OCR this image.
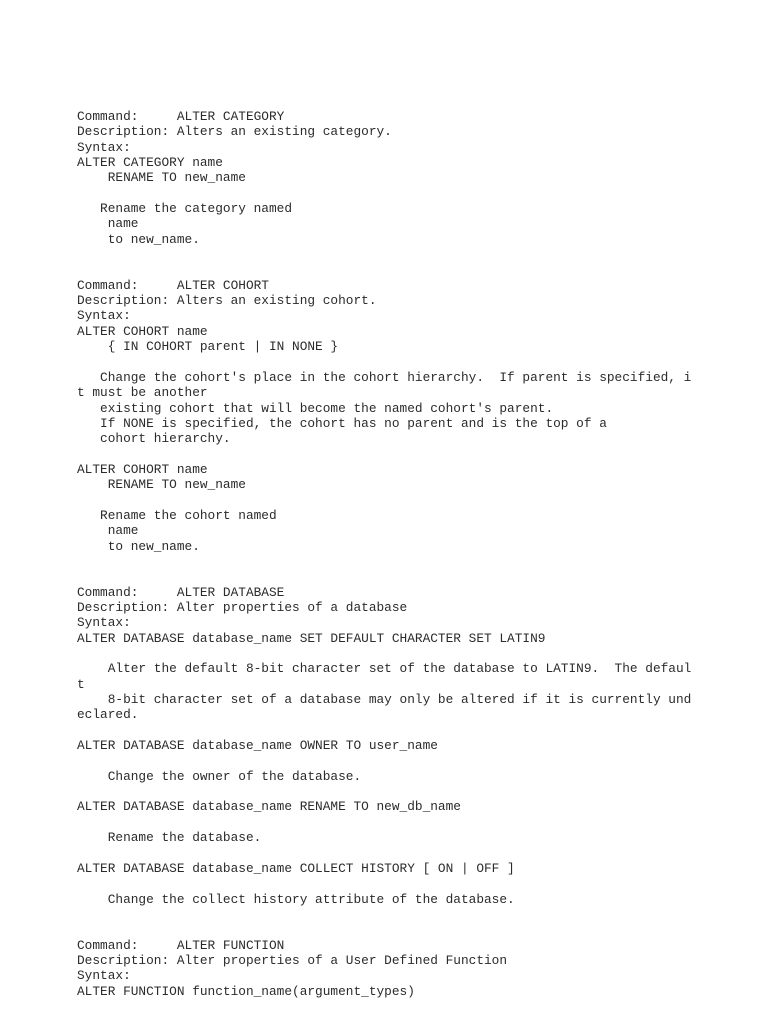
Command:     ALTER CATEGORY
Description: Alters an existing category.
Syntax:
ALTER CATEGORY name
RENAME TO new_name
Rename the category named
name
to new_name.
Command:     ALTER COHORT
Description: Alters an existing cohort.
Syntax:
ALTER COHORT name
{ IN COHORT parent | IN NONE }
Change the cohort's place in the cohort hierarchy.  If parent is specified, i
t must be another
existing cohort that will become the named cohort's parent.
If NONE is specified, the cohort has no parent and is the top of a
cohort hierarchy.
ALTER COHORT name
RENAME TO new_name
Rename the cohort named
name
to new_name.
Command:     ALTER DATABASE
Description: Alter properties of a database
Syntax:
ALTER DATABASE database_name SET DEFAULT CHARACTER SET LATIN9
Alter the default 8-bit character set of the database to LATIN9.  The defaul
t
8-bit character set of a database may only be altered if it is currently und
eclared.
ALTER DATABASE database_name OWNER TO user_name
Change the owner of the database.
ALTER DATABASE database_name RENAME TO new_db_name
Rename the database.
ALTER DATABASE database_name COLLECT HISTORY [ ON | OFF ]
Change the collect history attribute of the database.
Command:     ALTER FUNCTION
Description: Alter properties of a User Defined Function
Syntax:
ALTER FUNCTION function_name(argument_types)
